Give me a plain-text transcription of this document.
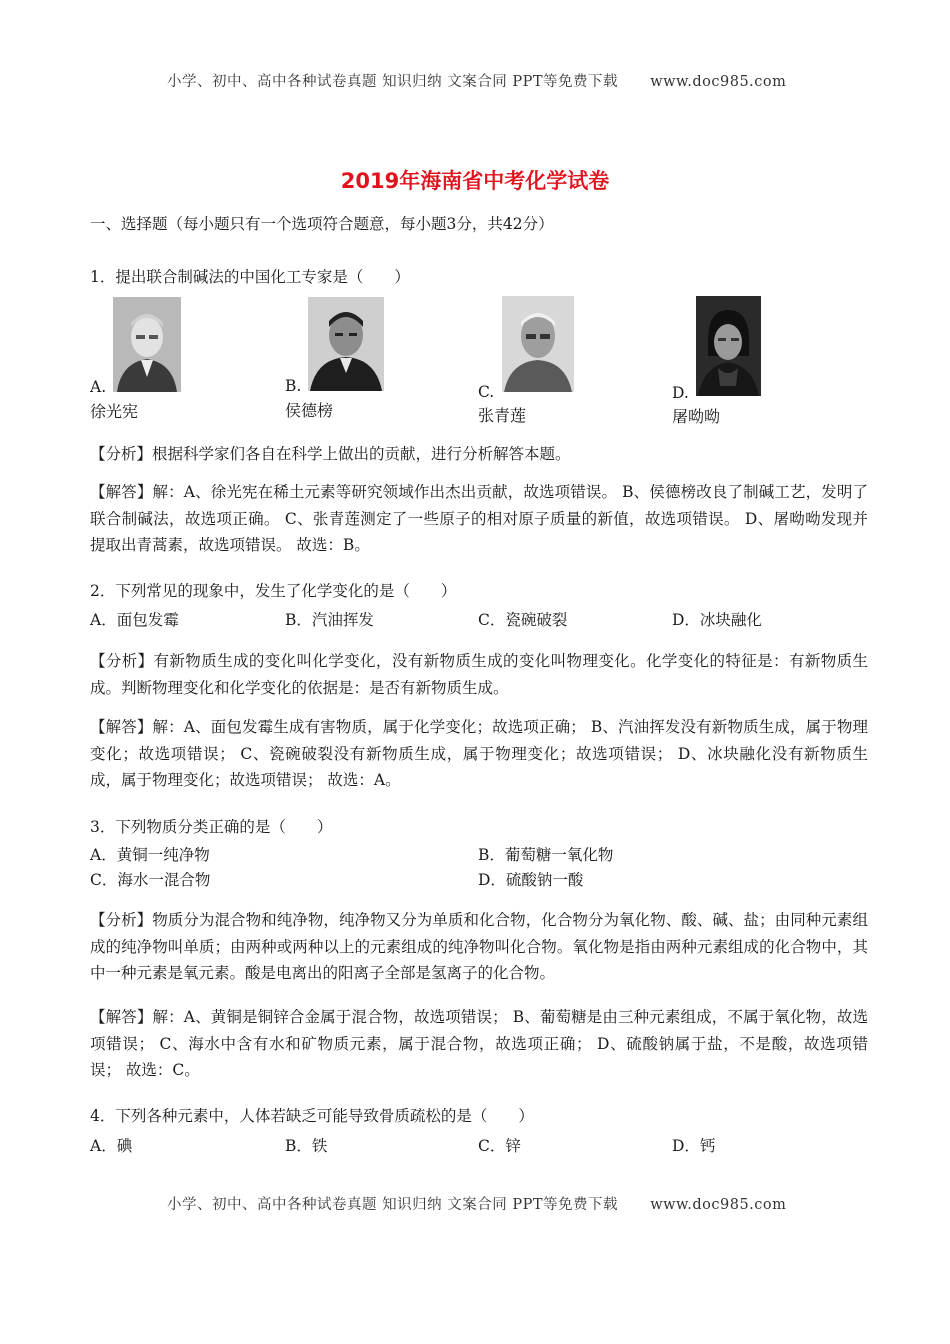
小学、初中、高中各种试卷真题 知识归纳 文案合同 PPT等免费下载 www.doc985.com
2019年海南省中考化学试卷
一、选择题（每小题只有一个选项符合题意，每小题3分，共42分）
1．提出联合制碱法的中国化工专家是（　　）
A.
徐光宪
B.
侯德榜
C.
张青莲
D.
屠呦呦
【分析】根据科学家们各自在科学上做出的贡献，进行分析解答本题。
【解答】解：A、徐光宪在稀土元素等研究领域作出杰出贡献，故选项错误。 B、侯德榜改良了制碱工艺，发明了联合制碱法，故选项正确。 C、张青莲测定了一些原子的相对原子质量的新值，故选项错误。 D、屠呦呦发现并提取出青蒿素，故选项错误。 故选：B。
2．下列常见的现象中，发生了化学变化的是（　　）
A．面包发霉	B．汽油挥发	C．瓷碗破裂	D．冰块融化
【分析】有新物质生成的变化叫化学变化，没有新物质生成的变化叫物理变化。化学变化的特征是：有新物质生成。判断物理变化和化学变化的依据是：是否有新物质生成。
【解答】解：A、面包发霉生成有害物质，属于化学变化；故选项正确； B、汽油挥发没有新物质生成，属于物理变化；故选项错误； C、瓷碗破裂没有新物质生成，属于物理变化；故选项错误； D、冰块融化没有新物质生成，属于物理变化；故选项错误； 故选：A。
3．下列物质分类正确的是（　　）
A．黄铜一纯净物	B．葡萄糖一氧化物
C．海水一混合物	D．硫酸钠一酸
【分析】物质分为混合物和纯净物，纯净物又分为单质和化合物，化合物分为氧化物、酸、碱、盐；由同种元素组成的纯净物叫单质；由两种或两种以上的元素组成的纯净物叫化合物。氧化物是指由两种元素组成的化合物中，其中一种元素是氧元素。酸是电离出的阳离子全部是氢离子的化合物。
【解答】解：A、黄铜是铜锌合金属于混合物，故选项错误； B、葡萄糖是由三种元素组成，不属于氧化物，故选项错误； C、海水中含有水和矿物质元素，属于混合物，故选项正确； D、硫酸钠属于盐，不是酸，故选项错误； 故选：C。
4．下列各种元素中，人体若缺乏可能导致骨质疏松的是（　　）
A．碘	B．铁	C．锌	D．钙
小学、初中、高中各种试卷真题 知识归纳 文案合同 PPT等免费下载 www.doc985.com
